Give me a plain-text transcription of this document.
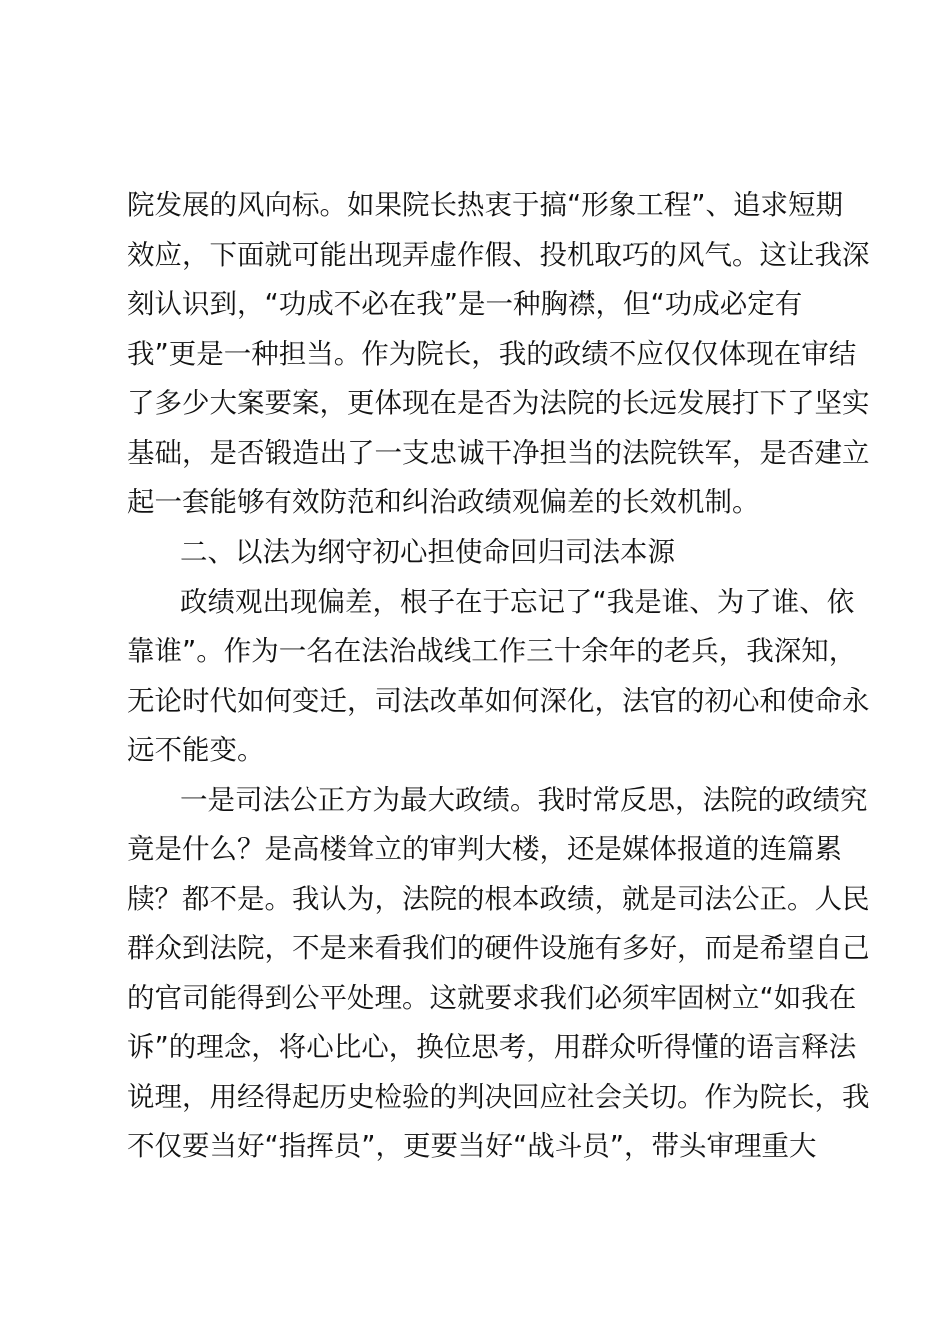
院发展的风向标。如果院长热衷于搞“形象工程”、追求短期
效应，下面就可能出现弄虚作假、投机取巧的风气。这让我深
刻认识到，“功成不必在我”是一种胸襟，但“功成必定有
我”更是一种担当。作为院长，我的政绩不应仅仅体现在审结
了多少大案要案，更体现在是否为法院的长远发展打下了坚实
基础，是否锻造出了一支忠诚干净担当的法院铁军，是否建立
起一套能够有效防范和纠治政绩观偏差的长效机制。
二、以法为纲守初心担使命回归司法本源
政绩观出现偏差，根子在于忘记了“我是谁、为了谁、依
靠谁”。作为一名在法治战线工作三十余年的老兵，我深知，
无论时代如何变迁，司法改革如何深化，法官的初心和使命永
远不能变。
一是司法公正方为最大政绩。我时常反思，法院的政绩究
竟是什么？是高楼耸立的审判大楼，还是媒体报道的连篇累
牍？都不是。我认为，法院的根本政绩，就是司法公正。人民
群众到法院，不是来看我们的硬件设施有多好，而是希望自己
的官司能得到公平处理。这就要求我们必须牢固树立“如我在
诉”的理念，将心比心，换位思考，用群众听得懂的语言释法
说理，用经得起历史检验的判决回应社会关切。作为院长，我
不仅要当好“指挥员”，更要当好“战斗员”，带头审理重大
